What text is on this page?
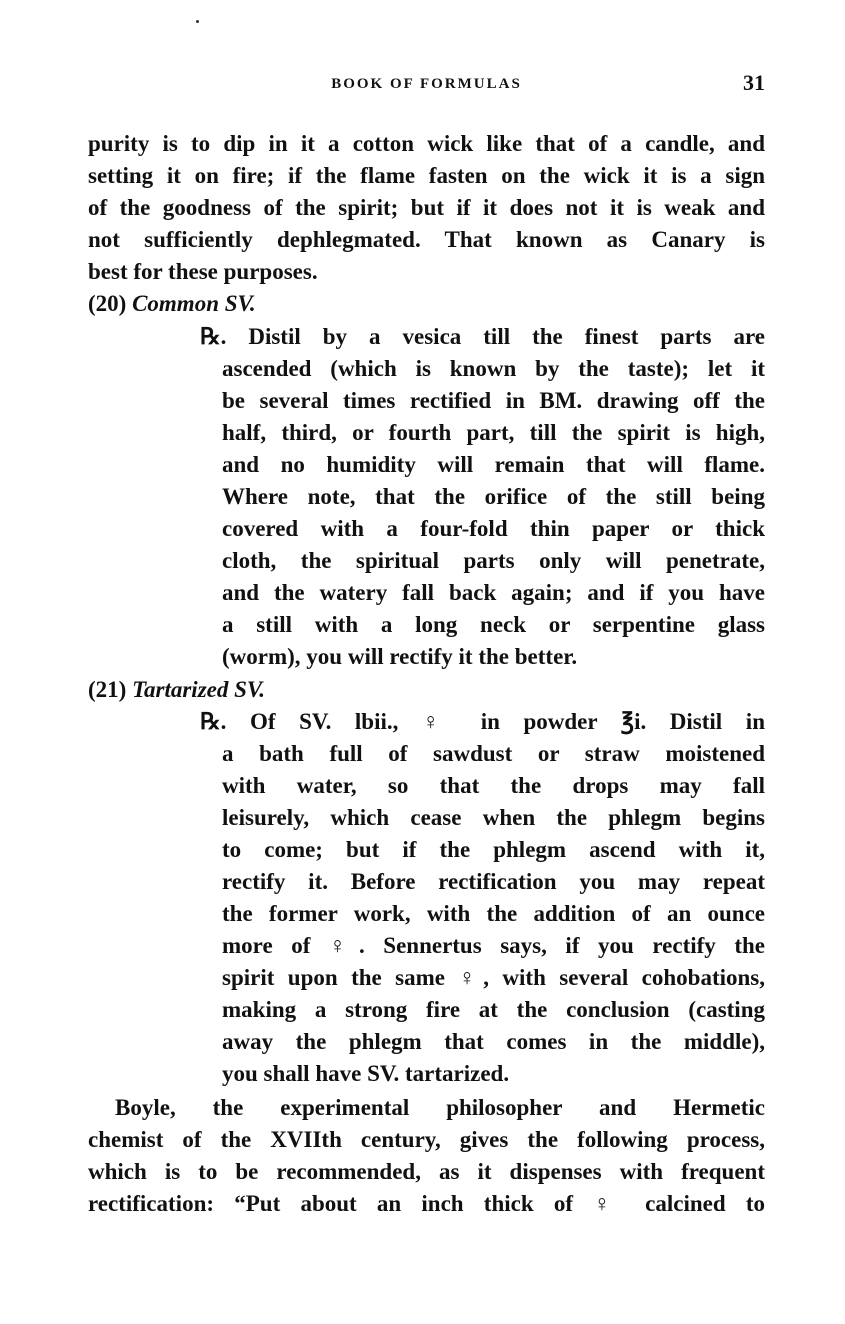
BOOK OF FORMULAS	31
purity is to dip in it a cotton wick like that of a candle, and
setting it on fire; if the flame fasten on the wick it is a sign
of the goodness of the spirit; but if it does not it is weak and
not sufficiently dephlegmated. That known as Canary is
best for these purposes.
(20) Common SV.
℞. Distil by a vesica till the finest parts are
ascended (which is known by the taste); let it
be several times rectified in BM. drawing off the
half, third, or fourth part, till the spirit is high,
and no humidity will remain that will flame.
Where note, that the orifice of the still being
covered with a four-fold thin paper or thick
cloth, the spiritual parts only will penetrate,
and the watery fall back again; and if you have
a still with a long neck or serpentine glass
(worm), you will rectify it the better.
(21) Tartarized SV.
℞. Of SV. lbii., ♀ in powder ℥i. Distil in
a bath full of sawdust or straw moistened
with water, so that the drops may fall
leisurely, which cease when the phlegm begins
to come; but if the phlegm ascend with it,
rectify it. Before rectification you may repeat
the former work, with the addition of an ounce
more of ♀. Sennertus says, if you rectify the
spirit upon the same ♀, with several cohobations,
making a strong fire at the conclusion (casting
away the phlegm that comes in the middle),
you shall have SV. tartarized.
Boyle, the experimental philosopher and Hermetic
chemist of the XVIIth century, gives the following process,
which is to be recommended, as it dispenses with frequent
rectification: “Put about an inch thick of ♀ calcined to
